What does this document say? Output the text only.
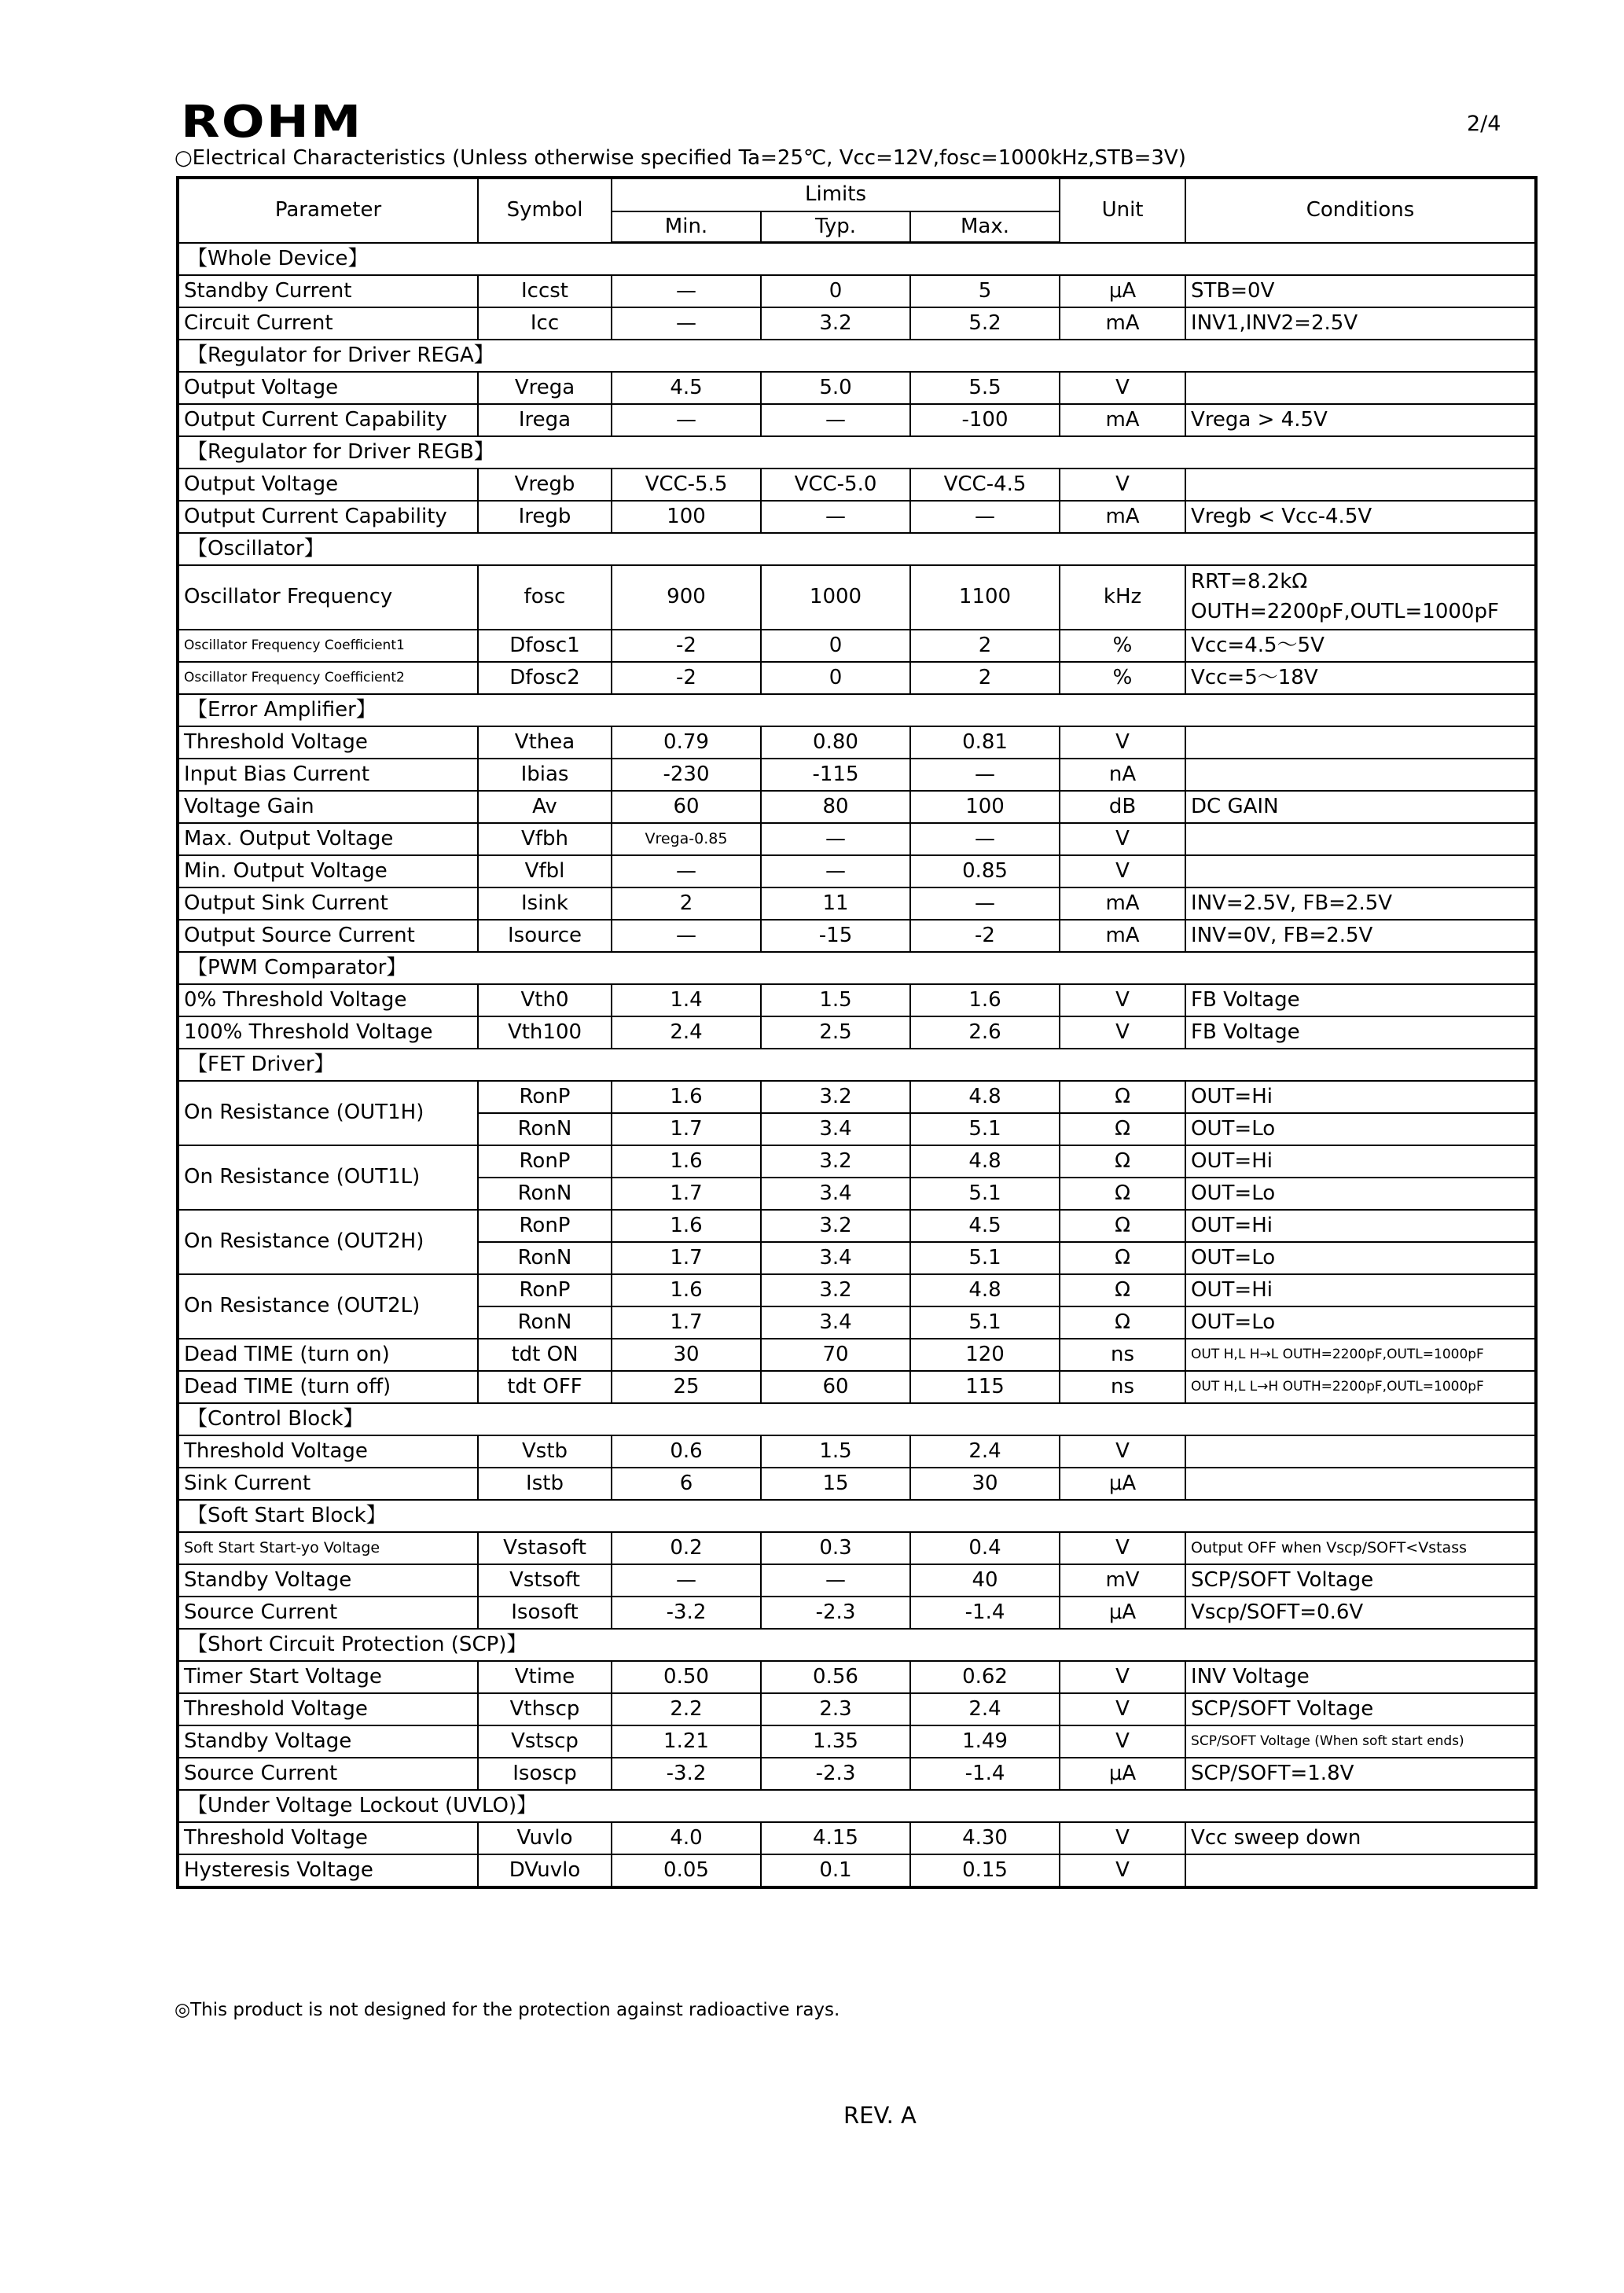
ROHM	2/4
○Electrical Characteristics (Unless otherwise specified Ta=25℃, Vcc=12V,fosc=1000kHz,STB=3V)
Parameter	Symbol	Limits			Unit	Conditions
		Min.	Typ.	Max.		
【Whole Device】						
Standby Current	Iccst	—	0	5	μA	STB=0V
Circuit Current	Icc	—	3.2	5.2	mA	INV1,INV2=2.5V
【Regulator for Driver REGA】						
Output Voltage	Vrega	4.5	5.0	5.5	V	
Output Current Capability	Irega	—	—	-100	mA	Vrega > 4.5V
【Regulator for Driver REGB】						
Output Voltage	Vregb	VCC-5.5	VCC-5.0	VCC-4.5	V	
Output Current Capability	Iregb	100	—	—	mA	Vregb < Vcc-4.5V
【Oscillator】						
Oscillator Frequency	fosc	900	1000	1100	kHz	RRT=8.2kΩ
OUTH=2200pF,OUTL=1000pF
Oscillator Frequency Coefficient1	Dfosc1	-2	0	2	%	Vcc=4.5～5V
Oscillator Frequency Coefficient2	Dfosc2	-2	0	2	%	Vcc=5～18V
【Error Amplifier】						
Threshold Voltage	Vthea	0.79	0.80	0.81	V	
Input Bias Current	Ibias	-230	-115	—	nA	
Voltage Gain	Av	60	80	100	dB	DC GAIN
Max. Output Voltage	Vfbh	Vrega-0.85	—	—	V	
Min. Output Voltage	Vfbl	—	—	0.85	V	
Output Sink Current	Isink	2	11	—	mA	INV=2.5V, FB=2.5V
Output Source Current	Isource	—	-15	-2	mA	INV=0V, FB=2.5V
【PWM Comparator】						
0% Threshold Voltage	Vth0	1.4	1.5	1.6	V	FB Voltage
100% Threshold Voltage	Vth100	2.4	2.5	2.6	V	FB Voltage
【FET Driver】						
On Resistance (OUT1H)	RonP	1.6	3.2	4.8	Ω	OUT=Hi
	RonN	1.7	3.4	5.1	Ω	OUT=Lo
On Resistance (OUT1L)	RonP	1.6	3.2	4.8	Ω	OUT=Hi
	RonN	1.7	3.4	5.1	Ω	OUT=Lo
On Resistance (OUT2H)	RonP	1.6	3.2	4.5	Ω	OUT=Hi
	RonN	1.7	3.4	5.1	Ω	OUT=Lo
On Resistance (OUT2L)	RonP	1.6	3.2	4.8	Ω	OUT=Hi
	RonN	1.7	3.4	5.1	Ω	OUT=Lo
Dead TIME (turn on)	tdt ON	30	70	120	ns	OUT H,L H→L OUTH=2200pF,OUTL=1000pF
Dead TIME (turn off)	tdt OFF	25	60	115	ns	OUT H,L L→H OUTH=2200pF,OUTL=1000pF
【Control Block】						
Threshold Voltage	Vstb	0.6	1.5	2.4	V	
Sink Current	Istb	6	15	30	μA	
【Soft Start Block】						
Soft Start Start-yo Voltage	Vstasoft	0.2	0.3	0.4	V	Output OFF when Vscp/SOFT<Vstass
Standby Voltage	Vstsoft	—	—	40	mV	SCP/SOFT Voltage
Source Current	Isosoft	-3.2	-2.3	-1.4	μA	Vscp/SOFT=0.6V
【Short Circuit Protection (SCP)】						
Timer Start Voltage	Vtime	0.50	0.56	0.62	V	INV Voltage
Threshold Voltage	Vthscp	2.2	2.3	2.4	V	SCP/SOFT Voltage
Standby Voltage	Vstscp	1.21	1.35	1.49	V	SCP/SOFT Voltage (When soft start ends)
Source Current	Isoscp	-3.2	-2.3	-1.4	μA	SCP/SOFT=1.8V
【Under Voltage Lockout (UVLO)】						
Threshold Voltage	Vuvlo	4.0	4.15	4.30	V	Vcc sweep down
Hysteresis Voltage	DVuvlo	0.05	0.1	0.15	V	
◎This product is not designed for the protection against radioactive rays.
REV. A
